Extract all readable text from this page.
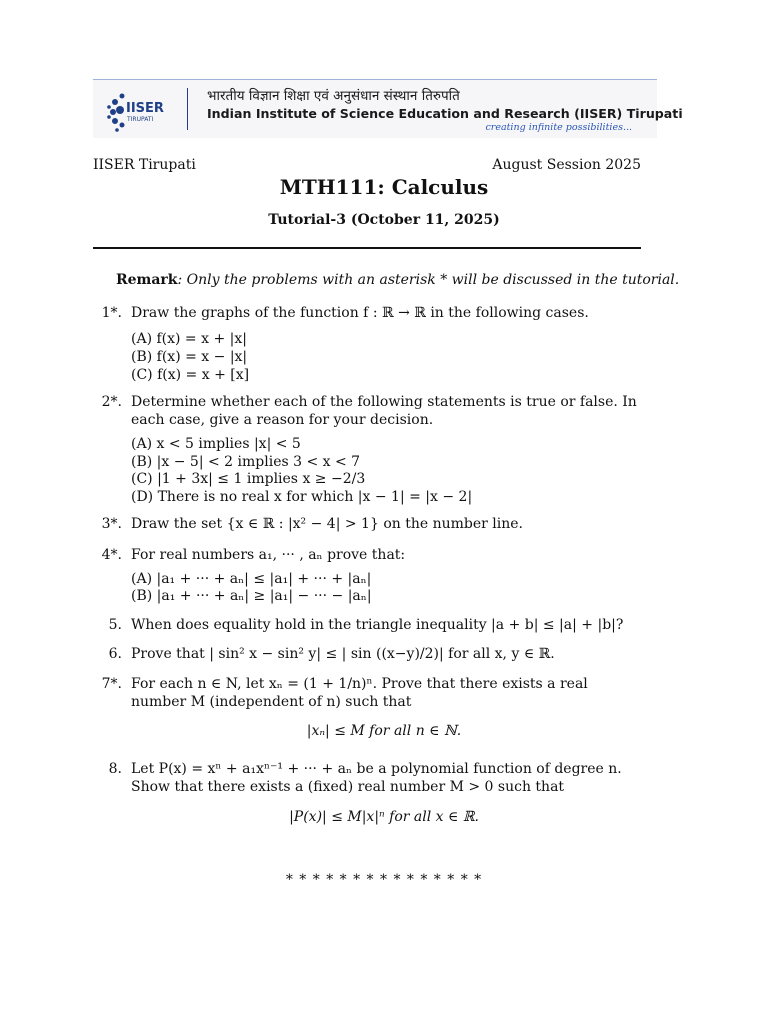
IISER
TIRUPATI
भारतीय विज्ञान शिक्षा एवं अनुसंधान संस्थान तिरुपति
Indian Institute of Science Education and Research (IISER) Tirupati
creating infinite possibilities...
IISER Tirupati	August Session 2025
MTH111: Calculus
Tutorial-3 (October 11, 2025)
Remark: Only the problems with an asterisk * will be discussed in the tutorial.
1*. Draw the graphs of the function f : ℝ → ℝ in the following cases.
(A) f(x) = x + |x|
(B) f(x) = x − |x|
(C) f(x) = x + [x]
2*. Determine whether each of the following statements is true or false. In each case, give a reason for your decision.
(A) x < 5 implies |x| < 5
(B) |x − 5| < 2 implies 3 < x < 7
(C) |1 + 3x| ≤ 1 implies x ≥ −2/3
(D) There is no real x for which |x − 1| = |x − 2|
3*. Draw the set {x ∈ ℝ : |x² − 4| > 1} on the number line.
4*. For real numbers a₁, ··· , aₙ prove that:
(A) |a₁ + ··· + aₙ| ≤ |a₁| + ··· + |aₙ|
(B) |a₁ + ··· + aₙ| ≥ |a₁| − ··· − |aₙ|
5. When does equality hold in the triangle inequality |a + b| ≤ |a| + |b|?
6. Prove that | sin² x − sin² y| ≤ | sin ((x−y)/2)| for all x, y ∈ ℝ.
7*. For each n ∈ N, let xₙ = (1 + 1/n)ⁿ. Prove that there exists a real number M (independent of n) such that
|xₙ| ≤ M for all n ∈ ℕ.
8. Let P(x) = xⁿ + a₁xⁿ⁻¹ + ··· + aₙ be a polynomial function of degree n. Show that there exists a (fixed) real number M > 0 such that
|P(x)| ≤ M|x|ⁿ for all x ∈ ℝ.
* * * * * * * * * * * * * * *
